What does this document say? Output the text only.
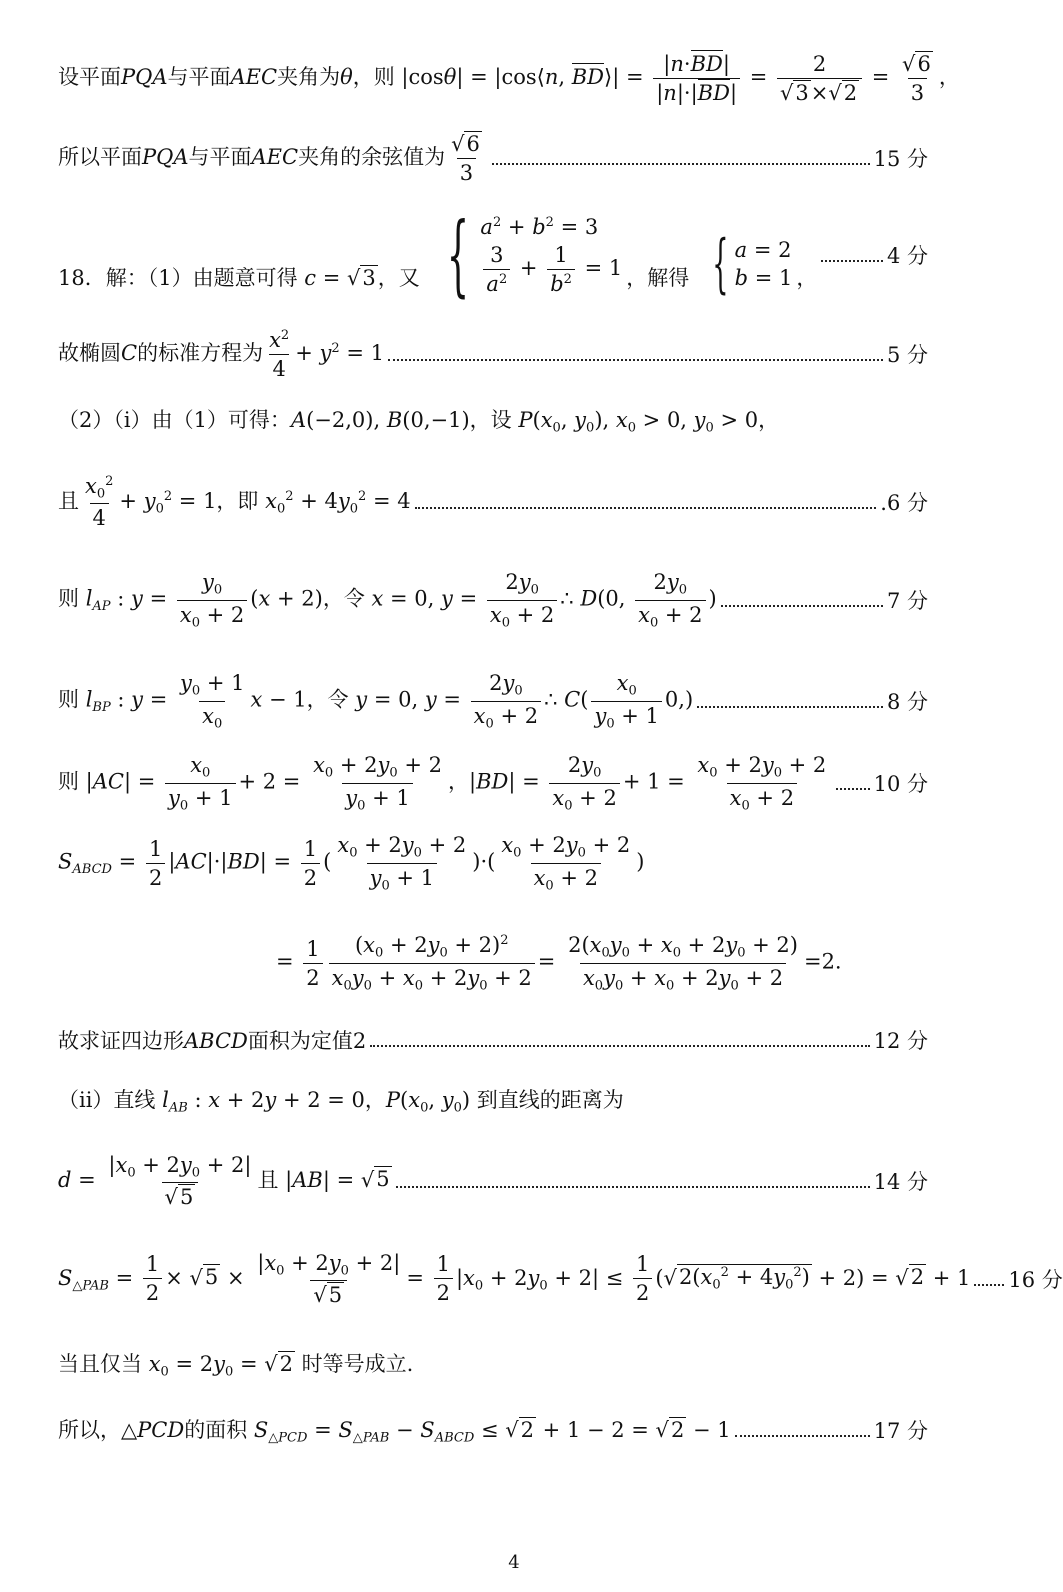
设平面PQA与平面AEC夹角为θ，则 |cosθ| = |cos⟨n, BD⟩| = $\frac{|n\cdot BD|}{|n|\cdot|BD|} = \frac{2}{√3\times√2} = \frac{√6}{3}$ ，
所以平面PQA与平面AEC夹角的余弦值为 $\frac{√6}{3}$	15 分
18．解：（1）由题意可得 c = √3，又 { $a^2 + b^2 = 3$
$\frac{3}{a^2} + \frac{1}{b^2} = 1$ ，解得 { a = 2
b = 1 ，
4 分
故椭圆C的标准方程为 $\frac{x^2}{4} + y^2 = 1$	5 分
（2）（i）由（1）可得：A(−2,0), B(0,−1)，设 $P(x_0$, $y_0$), $x_0 > 0$, $y_0 > 0$，
且 $\frac{x_0^2}{4} + y_0^2 = 1$，即 $x_0^2 + 4y_0^2 = 4$	.6 分
则 $l_{AP}$ : $y = \frac{y_0}{x_0 + 2} (x + 2)$，令 x = 0, $y = \frac{2y_0}{x_0 + 2}$ ∴ D(0, $\frac{2y_0}{x_0 + 2}$ )	7 分
则 $l_{BP}$ : $y = \frac{y_0 + 1}{x_0}$ x − 1，令 y = 0, $y = \frac{2y_0}{x_0 + 2}$ ∴ $C( \frac{x_0}{y_0 + 1} 0,)$	8 分
则 $|AC| = \frac{x_0}{y_0 + 1} + 2 = \frac{x_0 + 2y_0 + 2}{y_0 + 1}$ ，$|BD| = \frac{2y_0}{x_0 + 2} + 1 = \frac{x_0 + 2y_0 + 2}{x_0 + 2} 10$ 分
$S_{ABCD} = \frac{1}{2} |AC|\cdot|BD| = \frac{1}{2}$ ( $\frac{x_0 + 2y_0 + 2}{y_0 + 1}$ )·( $\frac{x_0 + 2y_0 + 2}{x_0 + 2}$ )
= $\frac{1}{2} \frac{(x_0 + 2y_0 + 2)^2}{x_0y_0 + x_0 + 2y_0 + 2} = \frac{2(x_0y_0 + x_0 + 2y_0 + 2)}{x_0y_0 + x_0 + 2y_0 + 2} =2$.
故求证四边形ABCD面积为定值2	12 分
（ii）直线 $l_{AB}$ : x + 2y + 2 = 0，$P(x_0$, $y_0$) 到直线的距离为
$d = \frac{|x_0 + 2y_0 + 2|}{√5}$ 且 |AB| = √5	14 分
$S_{\triangle PAB} = \frac{1}{2} \times √5 \times \frac{|x_0 + 2y_0 + 2|}{√5} = \frac{1}{2} |x_0 + 2y_0 + 2| \le \frac{1}{2} (√2(x_0^2 + 4y_0^2) + 2) = √2 + 1$ 16 分
当且仅当 $x_0 = 2y_0 = √2$ 时等号成立.
所以，△PCD的面积 $S_{\triangle PCD} = S_{\triangle PAB} - S_{ABCD} \le √2 + 1 - 2 = √2 - 1$	17 分
4
